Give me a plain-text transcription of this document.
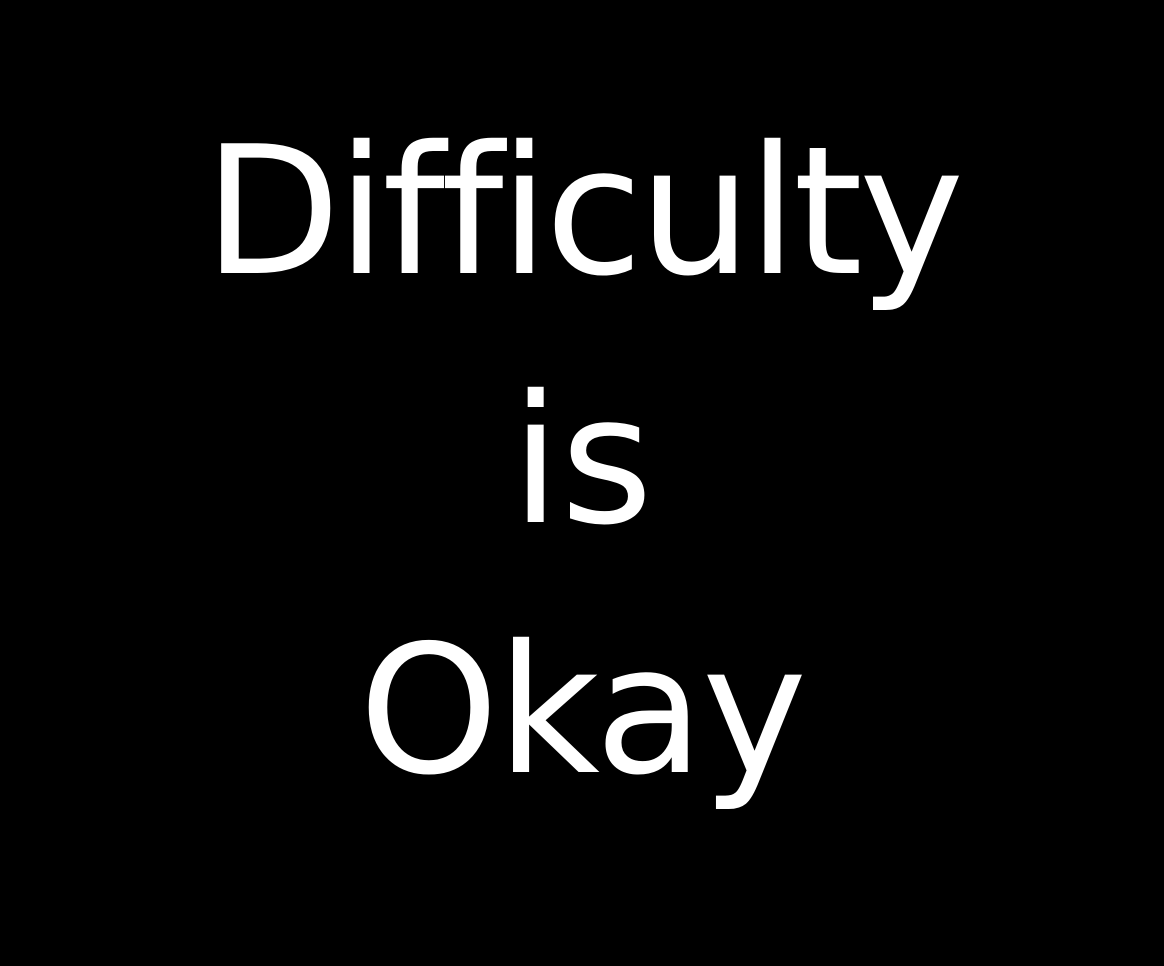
Difficulty
is
Okay
